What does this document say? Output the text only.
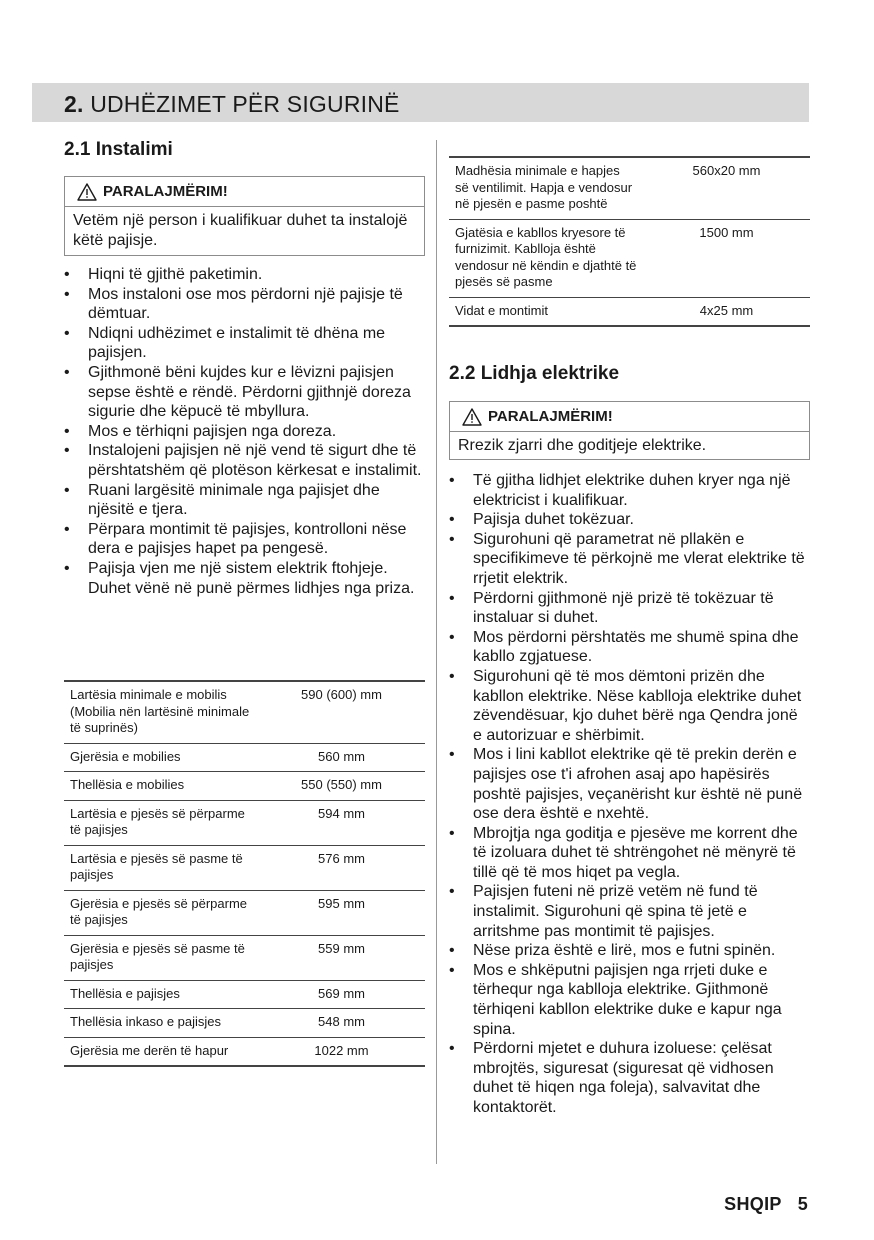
2. UDHËZIMET PËR SIGURINË
2.1 Instalimi
PARALAJMËRIM!
Vetëm një person i kualifikuar duhet ta instalojë këtë pajisje.
• Hiqni të gjithë paketimin.
• Mos instaloni ose mos përdorni një pajisje të dëmtuar.
• Ndiqni udhëzimet e instalimit të dhëna me pajisjen.
• Gjithmonë bëni kujdes kur e lëvizni pajisjen sepse është e rëndë. Përdorni gjithnjë doreza sigurie dhe këpucë të mbyllura.
• Mos e tërhiqni pajisjen nga doreza.
• Instalojeni pajisjen në një vend të sigurt dhe të përshtatshëm që plotëson kërkesat e instalimit.
• Ruani largësitë minimale nga pajisjet dhe njësitë e tjera.
• Përpara montimit të pajisjes, kontrolloni nëse dera e pajisjes hapet pa pengesë.
• Pajisja vjen me një sistem elektrik ftohjeje. Duhet vënë në punë përmes lidhjes nga priza.
Lartësia minimale e mobilis (Mobilia nën lartësinë minimale të suprinës)	590 (600) mm
Gjerësia e mobilies	560 mm
Thellësia e mobilies	550 (550) mm
Lartësia e pjesës së përparme të pajisjes	594 mm
Lartësia e pjesës së pasme të pajisjes	576 mm
Gjerësia e pjesës së përparme të pajisjes	595 mm
Gjerësia e pjesës së pasme të pajisjes	559 mm
Thellësia e pajisjes	569 mm
Thellësia inkaso e pajisjes	548 mm
Gjerësia me derën të hapur	1022 mm
Madhësia minimale e hapjes së ventilimit. Hapja e vendosur në pjesën e pasme poshtë	560x20 mm
Gjatësia e kabllos kryesore të furnizimit. Kablloja është vendosur në këndin e djathtë të pjesës së pasme	1500 mm
Vidat e montimit	4x25 mm
2.2 Lidhja elektrike
PARALAJMËRIM!
Rrezik zjarri dhe goditjeje elektrike.
• Të gjitha lidhjet elektrike duhen kryer nga një elektricist i kualifikuar.
• Pajisja duhet tokëzuar.
• Sigurohuni që parametrat në pllakën e specifikimeve të përkojnë me vlerat elektrike të rrjetit elektrik.
• Përdorni gjithmonë një prizë të tokëzuar të instaluar si duhet.
• Mos përdorni përshtatës me shumë spina dhe kabllo zgjatuese.
• Sigurohuni që të mos dëmtoni prizën dhe kabllon elektrike. Nëse kablloja elektrike duhet zëvendësuar, kjo duhet bërë nga Qendra jonë e autorizuar e shërbimit.
• Mos i lini kabllot elektrike që të prekin derën e pajisjes ose t'i afrohen asaj apo hapësirës poshtë pajisjes, veçanërisht kur është në punë ose dera është e nxehtë.
• Mbrojtja nga goditja e pjesëve me korrent dhe të izoluara duhet të shtrëngohet në mënyrë të tillë që të mos hiqet pa vegla.
• Pajisjen futeni në prizë vetëm në fund të instalimit. Sigurohuni që spina të jetë e arritshme pas montimit të pajisjes.
• Nëse priza është e lirë, mos e futni spinën.
• Mos e shkëputni pajisjen nga rrjeti duke e tërhequr nga kablloja elektrike. Gjithmonë tërhiqeni kabllon elektrike duke e kapur nga spina.
• Përdorni mjetet e duhura izoluese: çelësat mbrojtës, siguresat (siguresat që vidhosen duhet të hiqen nga foleja), salvavitat dhe kontaktorët.
SHQIP 5
